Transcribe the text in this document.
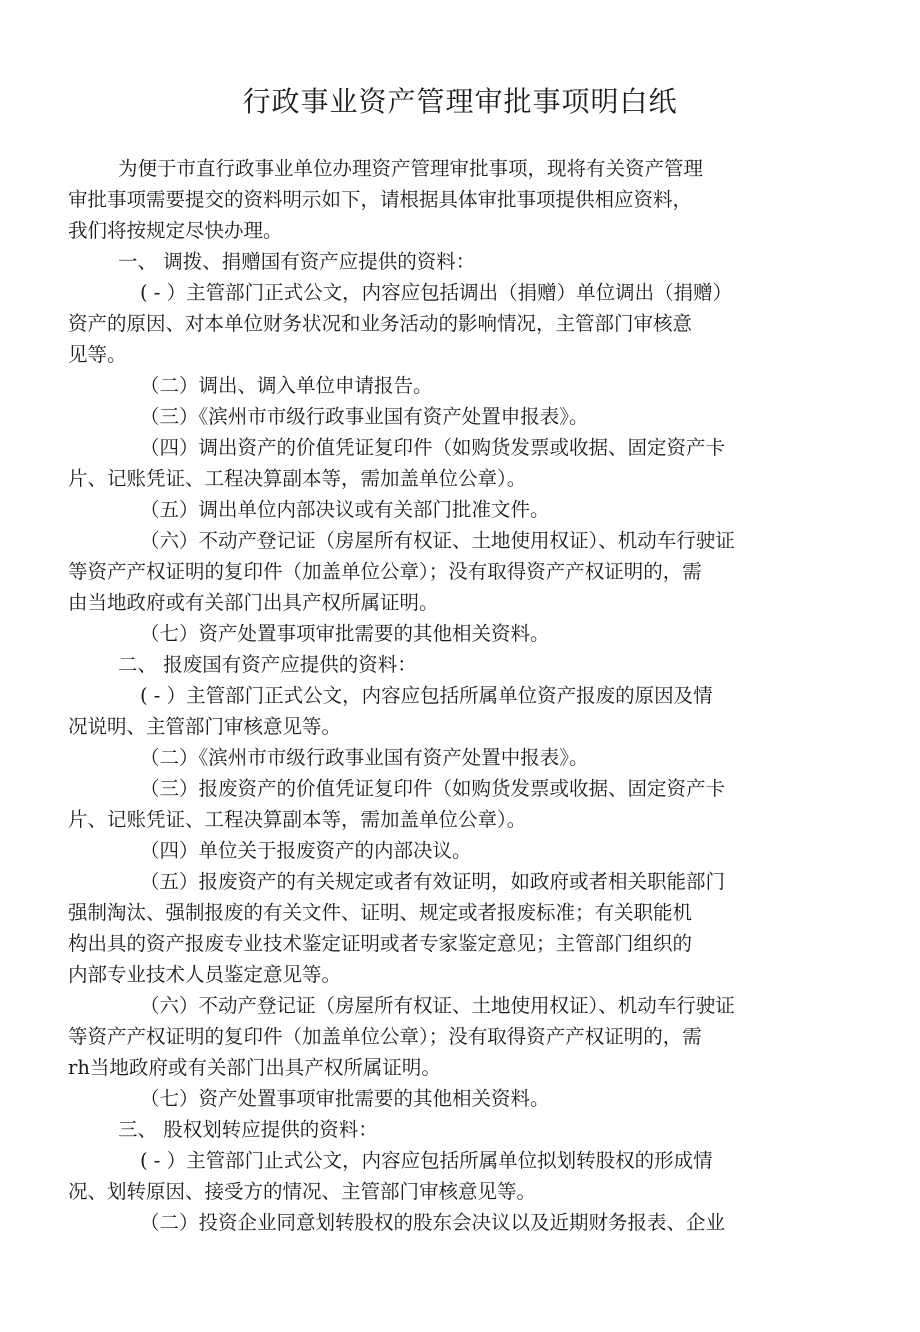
行政事业资产管理审批事项明白纸
为便于市直行政事业单位办理资产管理审批事项，现将有关资产管理
审批事项需要提交的资料明示如下，请根据具体审批事项提供相应资料，
我们将按规定尽快办理。
一、 调拨、捐赠国有资产应提供的资料：
( - ）主管部门正式公文，内容应包括调出（捐赠）单位调出（捐赠）
资产的原因、对本单位财务状况和业务活动的影响情况，主管部门审核意
见等。
（二）调出、调入单位申请报告。
（三）《滨州市市级行政事业国有资产处置申报表》。
（四）调出资产的价值凭证复印件（如购货发票或收据、固定资产卡
片、记账凭证、工程决算副本等，需加盖单位公章）。
（五）调出单位内部决议或有关部门批准文件。
（六）不动产登记证（房屋所有权证、土地使用权证）、机动车行驶证
等资产产权证明的复印件（加盖单位公章）；没有取得资产产权证明的，需
由当地政府或有关部门出具产权所属证明。
（七）资产处置事项审批需要的其他相关资料。
二、 报废国有资产应提供的资料：
( - ）主管部门正式公文，内容应包括所属单位资产报废的原因及情
况说明、主管部门审核意见等。
（二）《滨州市市级行政事业国有资产处置中报表》。
（三）报废资产的价值凭证复印件（如购货发票或收据、固定资产卡
片、记账凭证、工程决算副本等，需加盖单位公章）。
（四）单位关于报废资产的内部决议。
（五）报废资产的有关规定或者有效证明，如政府或者相关职能部门
强制淘汰、强制报废的有关文件、证明、规定或者报废标准；有关职能机
构出具的资产报废专业技术鉴定证明或者专家鉴定意见；主管部门组织的
内部专业技术人员鉴定意见等。
（六）不动产登记证（房屋所有权证、土地使用权证）、机动车行驶证
等资产产权证明的复印件（加盖单位公章）；没有取得资产产权证明的，需
rh当地政府或有关部门出具产权所属证明。
（七）资产处置事项审批需要的其他相关资料。
三、 股权划转应提供的资料：
( - ）主管部门止式公文，内容应包括所属单位拟划转股权的形成情
况、划转原因、接受方的情况、主管部门审核意见等。
（二）投资企业同意划转股权的股东会决议以及近期财务报表、企业
